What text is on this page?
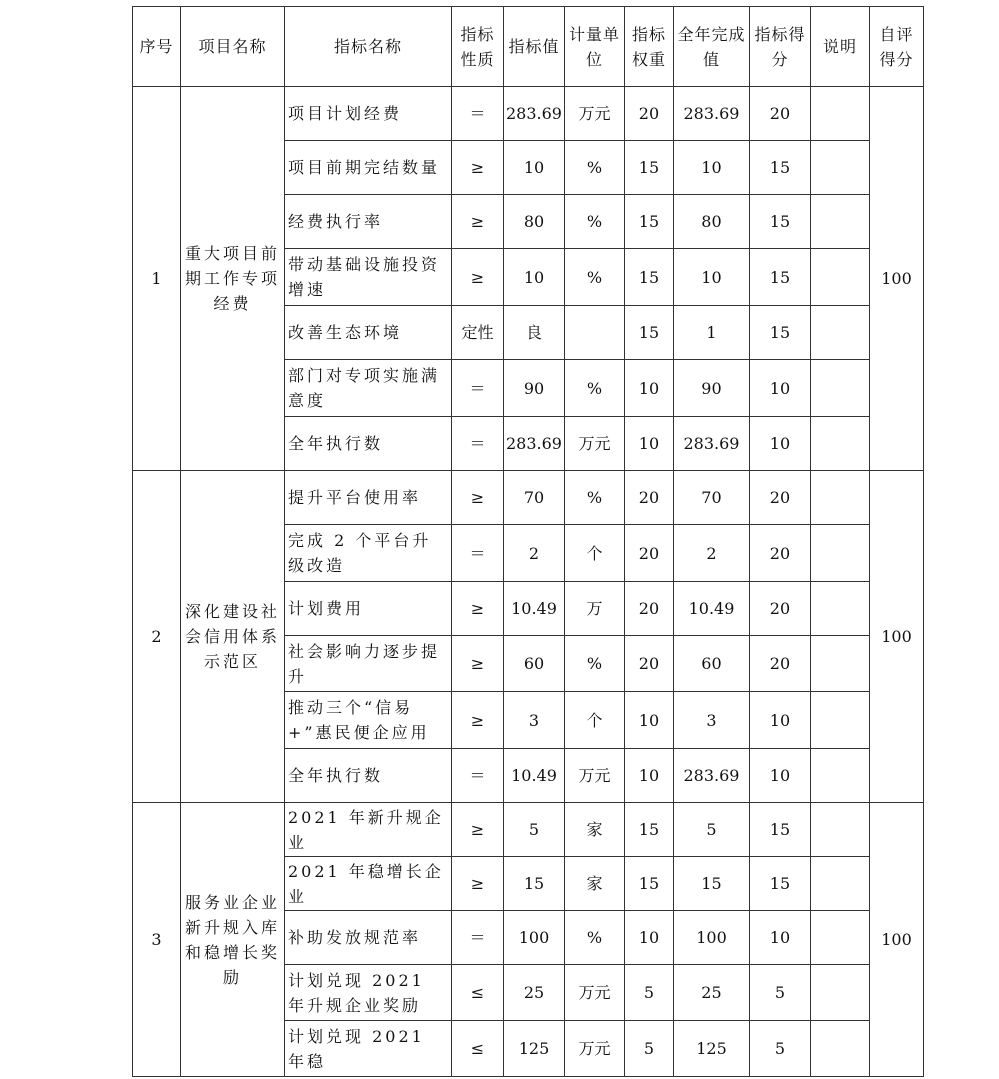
序号	项目名称	指标名称	指标性质	指标值	计量单位	指标权重	全年完成值	指标得分	说明	自评得分
1	重大项目前期工作专项经费	项目计划经费	＝	283.69	万元	20	283.69	20		100
		项目前期完结数量	≥	10	%	15	10	15		
		经费执行率	≥	80	%	15	80	15		
		带动基础设施投资增速	≥	10	%	15	10	15		
		改善生态环境	定性	良		15	1	15		
		部门对专项实施满意度	＝	90	%	10	90	10		
		全年执行数	＝	283.69	万元	10	283.69	10		
2	深化建设社会信用体系示范区	提升平台使用率	≥	70	%	20	70	20		100
		完成 2 个平台升级改造	＝	2	个	20	2	20		
		计划费用	≥	10.49	万	20	10.49	20		
		社会影响力逐步提升	≥	60	%	20	60	20		
		推动三个“信易+”惠民便企应用	≥	3	个	10	3	10		
		全年执行数	＝	10.49	万元	10	283.69	10		
3	服务业企业新升规入库和稳增长奖励	2021 年新升规企业	≥	5	家	15	5	15		100
		2021 年稳增长企业	≥	15	家	15	15	15		
		补助发放规范率	＝	100	%	10	100	10		
		计划兑现 2021 年升规企业奖励	≤	25	万元	5	25	5		
		计划兑现 2021 年稳	≤	125	万元	5	125	5		
